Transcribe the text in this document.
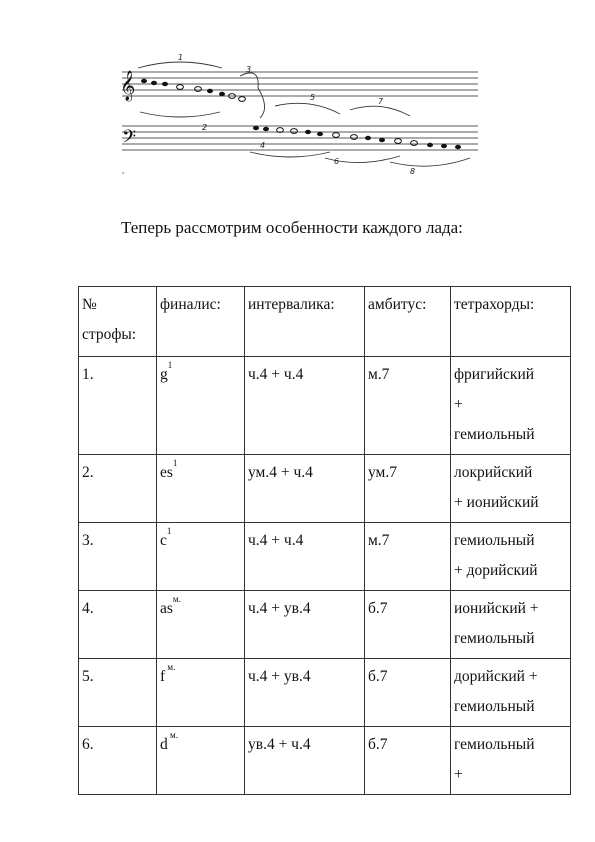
𝄞
𝄢
1
3
5	7
2
4
6
8
°
Теперь рассмотрим особенности каждого лада:
№
строфы:	финалис:	интервалика:	амбитус:	тетрахорды:
1.	$g^1$	ч.4 + ч.4	м.7	фригийский
+
гемиольный

2.	$es^1$	ум.4 + ч.4	ум.7	локрийский
+ ионийский

3.	$c^1$	ч.4 + ч.4	м.7	гемиольный
+ дорийский

4.	$as^{м.}$	ч.4 + ув.4	б.7	ионийский +
гемиольный

5.	f $^{м.}$	ч.4 + ув.4	б.7	дорийский +
гемиольный

6.	d $^{м.}$	ув.4 + ч.4	б.7	гемиольный
+
